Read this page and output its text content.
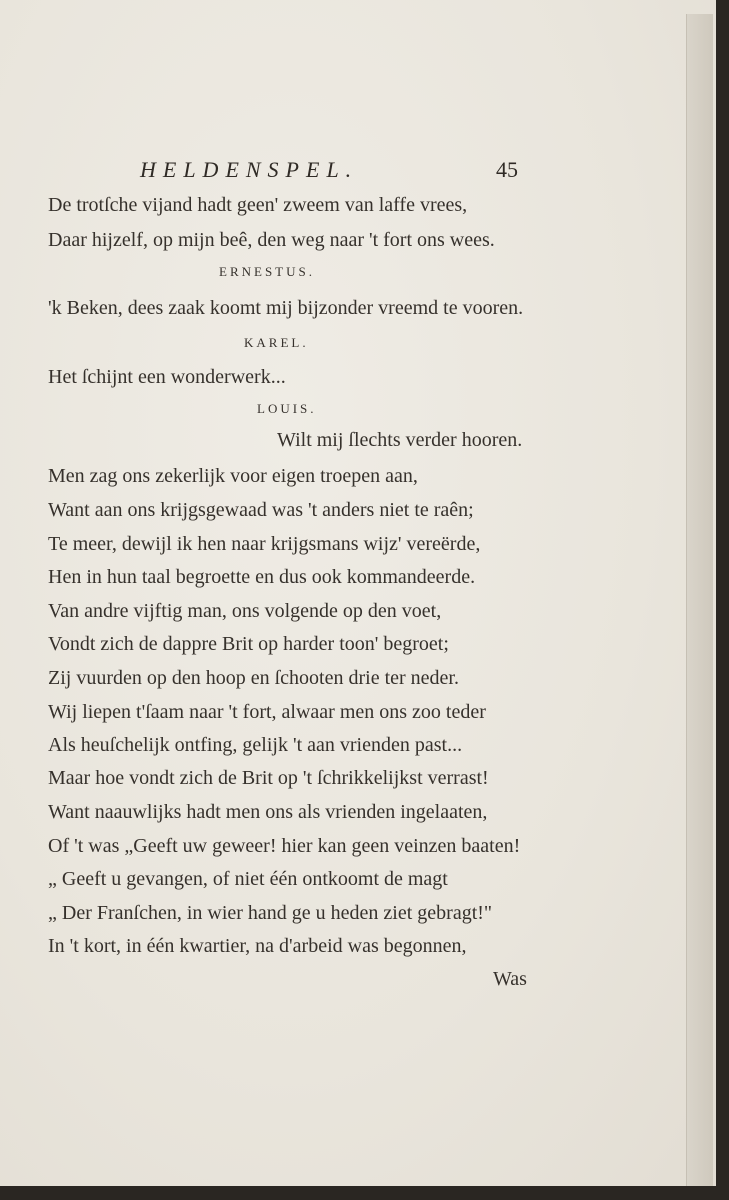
HELDENSPEL.	45
De trotſche vijand hadt geen' zweem van laffe vrees,
Daar hijzelf, op mijn beê, den weg naar 't fort ons wees.
ERNESTUS.
'k Beken, dees zaak koomt mij bijzonder vreemd te vooren.
KAREL.
Het ſchijnt een wonderwerk...
LOUIS.
Wilt mij ſlechts verder hooren.
Men zag ons zekerlijk voor eigen troepen aan,
Want aan ons krijgsgewaad was 't anders niet te raên;
Te meer, dewijl ik hen naar krijgsmans wijz' vereërde,
Hen in hun taal begroette en dus ook kommandeerde.
Van andre vijftig man, ons volgende op den voet,
Vondt zich de dappre Brit op harder toon' begroet;
Zij vuurden op den hoop en ſchooten drie ter neder.
Wij liepen t'ſaam naar 't fort, alwaar men ons zoo teder
Als heuſchelijk ontfing, gelijk 't aan vrienden past...
Maar hoe vondt zich de Brit op 't ſchrikkelijkst verrast!
Want naauwlijks hadt men ons als vrienden ingelaaten,
Of 't was „Geeft uw geweer! hier kan geen veinzen baaten!
„ Geeft u gevangen, of niet één ontkoomt de magt
„ Der Franſchen, in wier hand ge u heden ziet gebragt!"
In 't kort, in één kwartier, na d'arbeid was begonnen,
Was
